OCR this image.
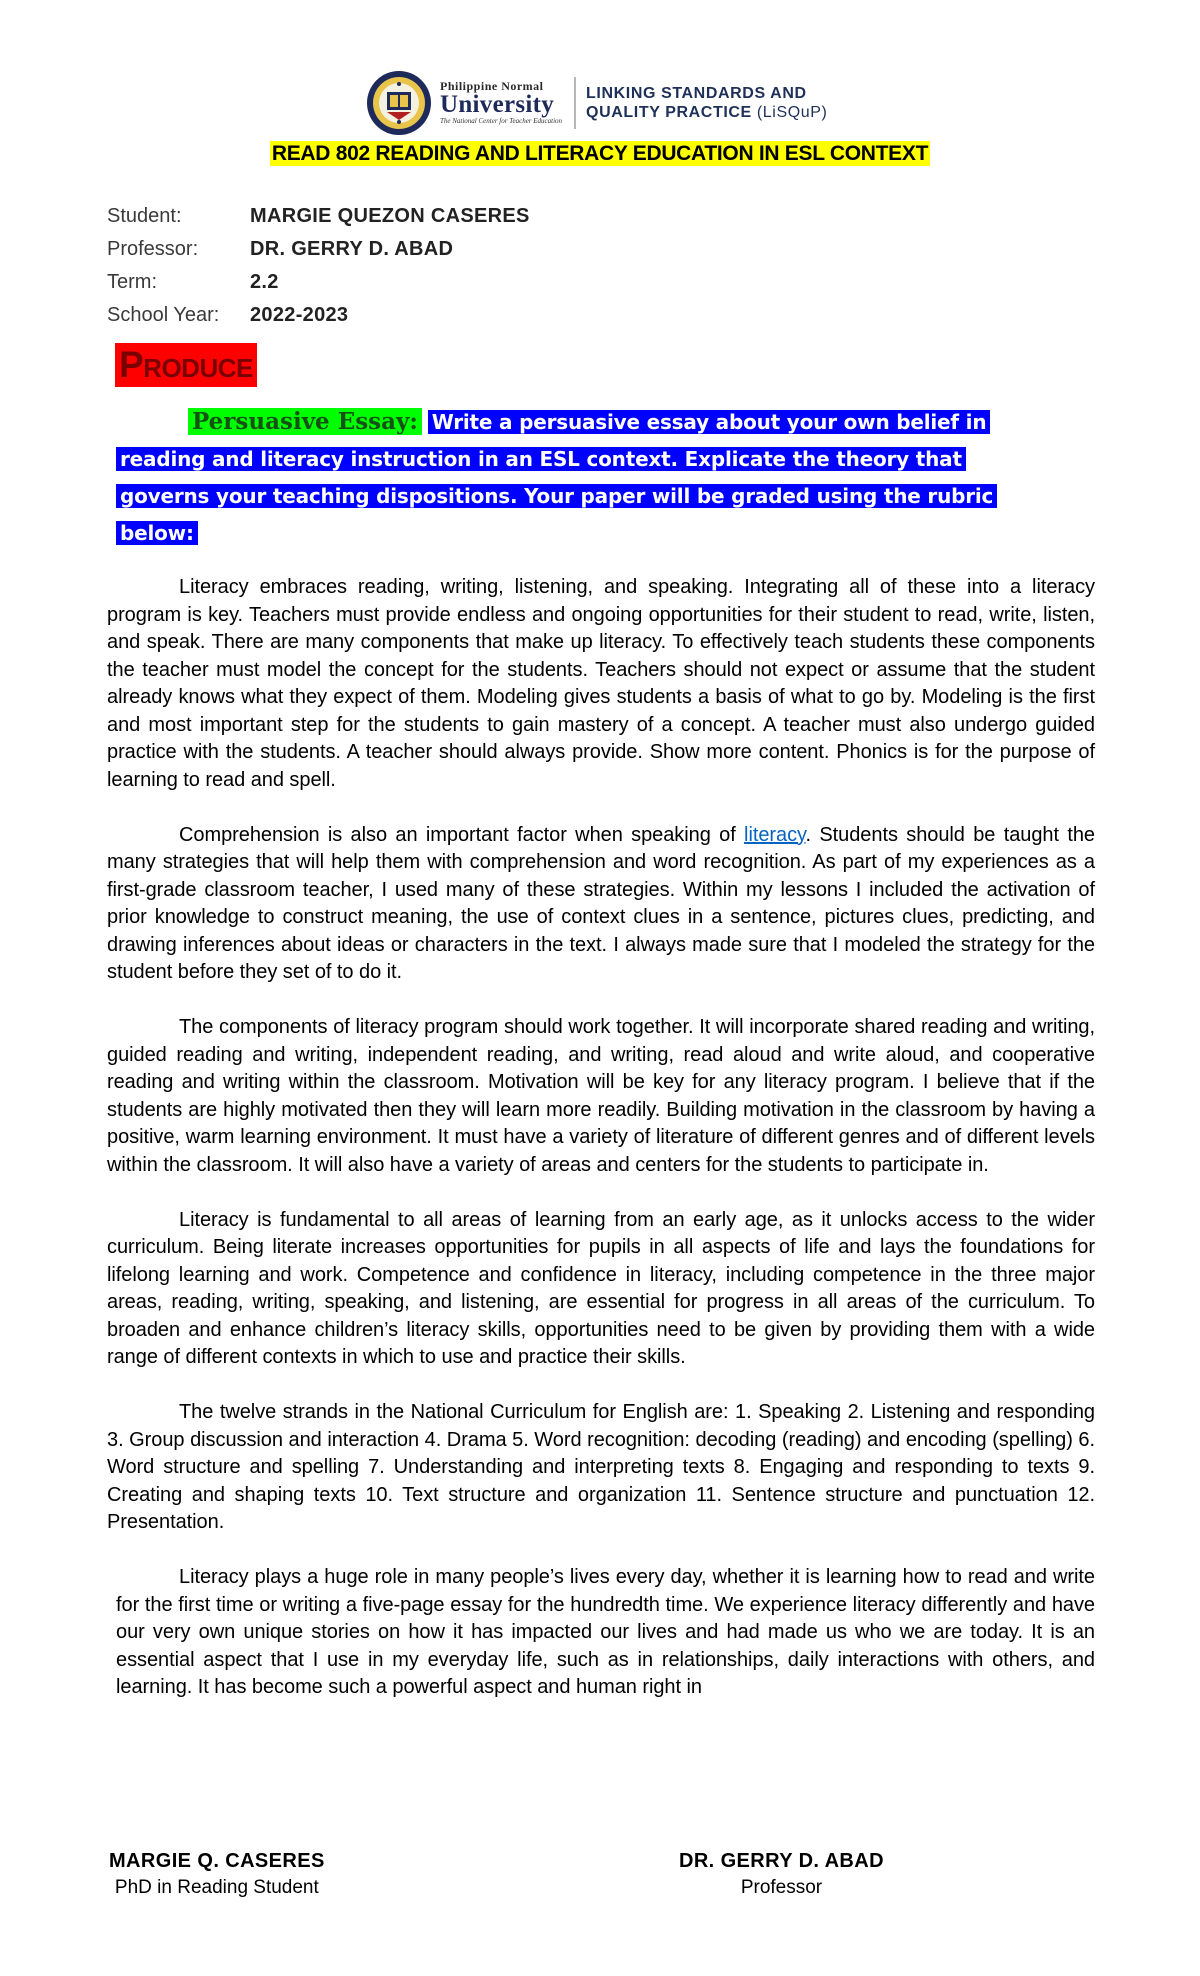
Philippine Normal
University
The National Center for Teacher Education
LINKING STANDARDS AND
QUALITY PRACTICE (LiSQuP)
READ 802 READING AND LITERACY EDUCATION IN ESL CONTEXT
Student:	MARGIE QUEZON CASERES
Professor:	DR. GERRY D. ABAD
Term:	2.2
School Year:	2022-2023
Produce
Persuasive Essay: Write a persuasive essay about your own belief in reading and literacy instruction in an ESL context. Explicate the theory that governs your teaching dispositions. Your paper will be graded using the rubric below:

Literacy embraces reading, writing, listening, and speaking. Integrating all of these into a literacy program is key. Teachers must provide endless and ongoing opportunities for their student to read, write, listen, and speak. There are many components that make up literacy. To effectively teach students these components the teacher must model the concept for the students. Teachers should not expect or assume that the student already knows what they expect of them. Modeling gives students a basis of what to go by. Modeling is the first and most important step for the students to gain mastery of a concept. A teacher must also undergo guided practice with the students. A teacher should always provide. Show more content. Phonics is for the purpose of learning to read and spell.

Comprehension is also an important factor when speaking of literacy. Students should be taught the many strategies that will help them with comprehension and word recognition. As part of my experiences as a first-grade classroom teacher, I used many of these strategies. Within my lessons I included the activation of prior knowledge to construct meaning, the use of context clues in a sentence, pictures clues, predicting, and drawing inferences about ideas or characters in the text. I always made sure that I modeled the strategy for the student before they set of to do it.

The components of literacy program should work together. It will incorporate shared reading and writing, guided reading and writing, independent reading, and writing, read aloud and write aloud, and cooperative reading and writing within the classroom. Motivation will be key for any literacy program. I believe that if the students are highly motivated then they will learn more readily. Building motivation in the classroom by having a positive, warm learning environment. It must have a variety of literature of different genres and of different levels within the classroom. It will also have a variety of areas and centers for the students to participate in.

Literacy is fundamental to all areas of learning from an early age, as it unlocks access to the wider curriculum. Being literate increases opportunities for pupils in all aspects of life and lays the foundations for lifelong learning and work. Competence and confidence in literacy, including competence in the three major areas, reading, writing, speaking, and listening, are essential for progress in all areas of the curriculum. To broaden and enhance children’s literacy skills, opportunities need to be given by providing them with a wide range of different contexts in which to use and practice their skills.

The twelve strands in the National Curriculum for English are: 1. Speaking 2. Listening and responding 3. Group discussion and interaction 4. Drama 5. Word recognition: decoding (reading) and encoding (spelling) 6. Word structure and spelling 7. Understanding and interpreting texts 8. Engaging and responding to texts 9. Creating and shaping texts 10. Text structure and organization 11. Sentence structure and punctuation 12. Presentation.

Literacy plays a huge role in many people’s lives every day, whether it is learning how to read and write for the first time or writing a five-page essay for the hundredth time. We experience literacy differently and have our very own unique stories on how it has impacted our lives and had made us who we are today. It is an essential aspect that I use in my everyday life, such as in relationships, daily interactions with others, and learning. It has become such a powerful aspect and human right in

MARGIE Q. CASERES
PhD in Reading Student
DR. GERRY D. ABAD
Professor
